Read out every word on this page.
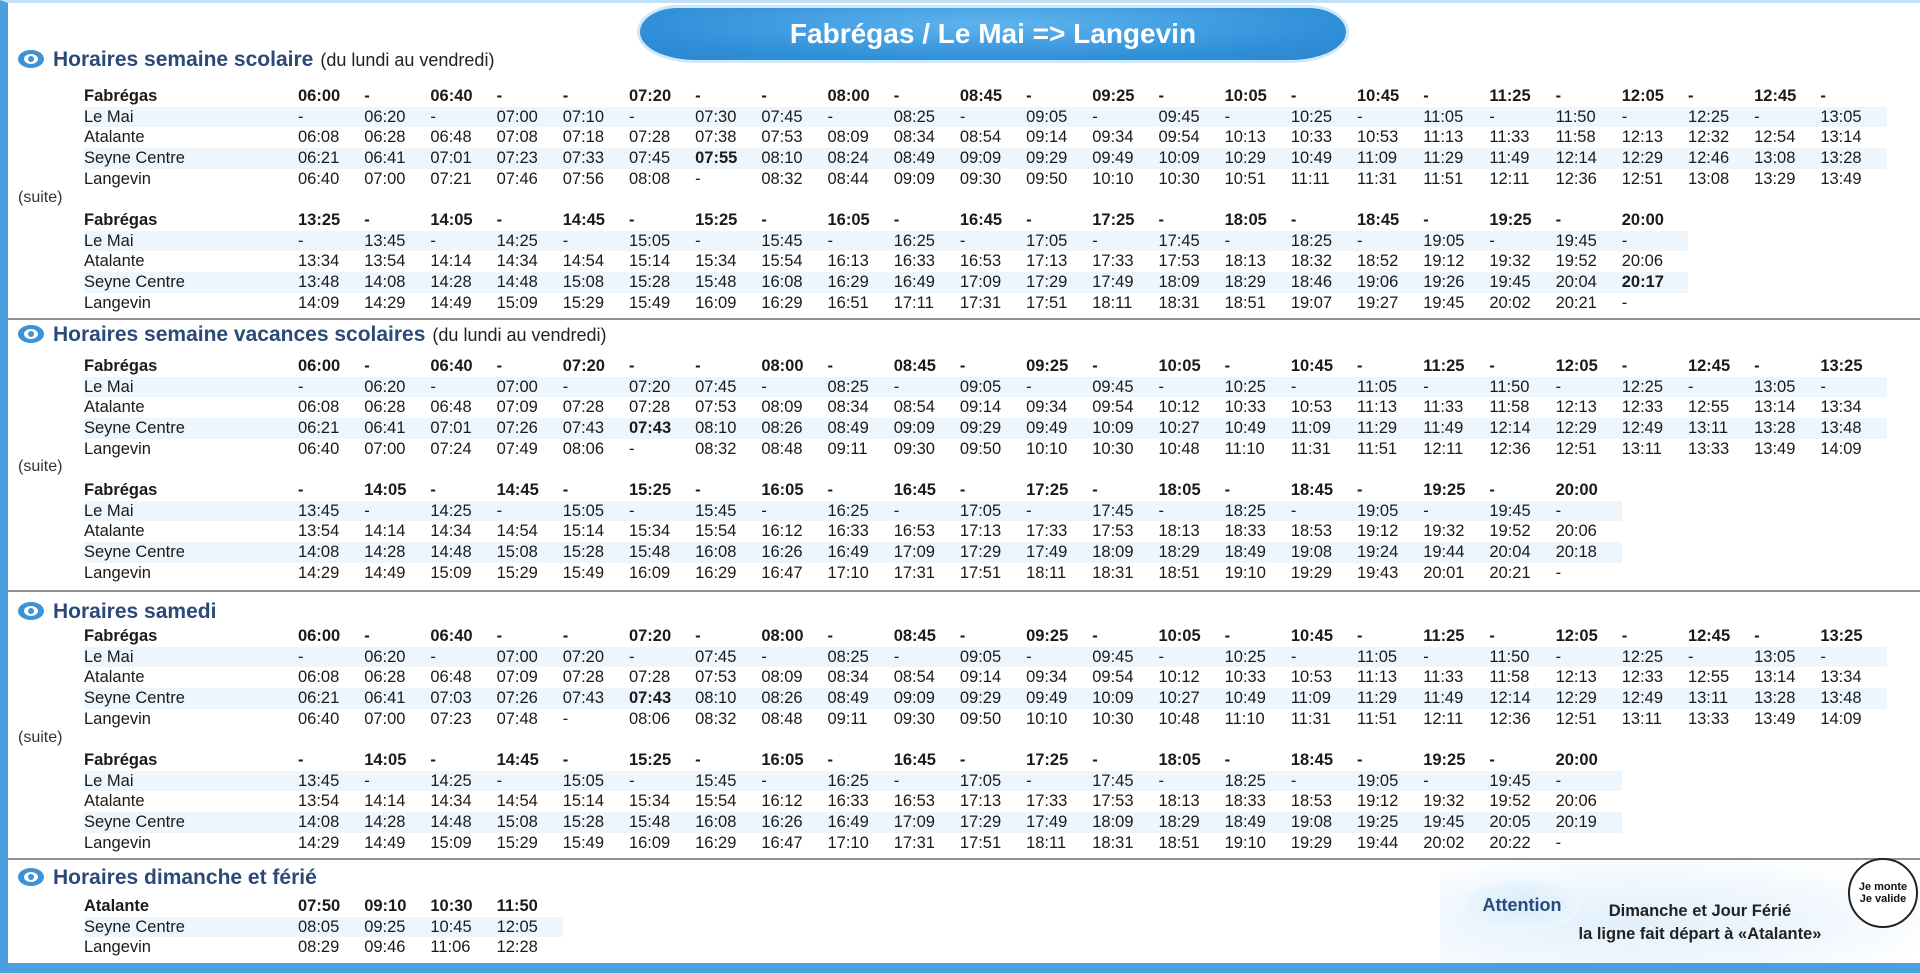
Fabrégas / Le Mai => Langevin
Horaires semaine scolaire (du lundi au vendredi)
Fabrégas	06:00	-	06:40	-	-	07:20	-	-	08:00	-	08:45	-	09:25	-	10:05	-	10:45	-	11:25	-	12:05	-	12:45	-
Le Mai	-	06:20	-	07:00	07:10	-	07:30	07:45	-	08:25	-	09:05	-	09:45	-	10:25	-	11:05	-	11:50	-	12:25	-	13:05
Atalante	06:08	06:28	06:48	07:08	07:18	07:28	07:38	07:53	08:09	08:34	08:54	09:14	09:34	09:54	10:13	10:33	10:53	11:13	11:33	11:58	12:13	12:32	12:54	13:14
Seyne Centre	06:21	06:41	07:01	07:23	07:33	07:45	07:55	08:10	08:24	08:49	09:09	09:29	09:49	10:09	10:29	10:49	11:09	11:29	11:49	12:14	12:29	12:46	13:08	13:28
Langevin	06:40	07:00	07:21	07:46	07:56	08:08	-	08:32	08:44	09:09	09:30	09:50	10:10	10:30	10:51	11:11	11:31	11:51	12:11	12:36	12:51	13:08	13:29	13:49
(suite)
Fabrégas	13:25	-	14:05	-	14:45	-	15:25	-	16:05	-	16:45	-	17:25	-	18:05	-	18:45	-	19:25	-	20:00
Le Mai	-	13:45	-	14:25	-	15:05	-	15:45	-	16:25	-	17:05	-	17:45	-	18:25	-	19:05	-	19:45	-
Atalante	13:34	13:54	14:14	14:34	14:54	15:14	15:34	15:54	16:13	16:33	16:53	17:13	17:33	17:53	18:13	18:32	18:52	19:12	19:32	19:52	20:06
Seyne Centre	13:48	14:08	14:28	14:48	15:08	15:28	15:48	16:08	16:29	16:49	17:09	17:29	17:49	18:09	18:29	18:46	19:06	19:26	19:45	20:04	20:17
Langevin	14:09	14:29	14:49	15:09	15:29	15:49	16:09	16:29	16:51	17:11	17:31	17:51	18:11	18:31	18:51	19:07	19:27	19:45	20:02	20:21	-
Horaires semaine vacances scolaires (du lundi au vendredi)
Fabrégas	06:00	-	06:40	-	07:20	-	-	08:00	-	08:45	-	09:25	-	10:05	-	10:45	-	11:25	-	12:05	-	12:45	-	13:25
Le Mai	-	06:20	-	07:00	-	07:20	07:45	-	08:25	-	09:05	-	09:45	-	10:25	-	11:05	-	11:50	-	12:25	-	13:05	-
Atalante	06:08	06:28	06:48	07:09	07:28	07:28	07:53	08:09	08:34	08:54	09:14	09:34	09:54	10:12	10:33	10:53	11:13	11:33	11:58	12:13	12:33	12:55	13:14	13:34
Seyne Centre	06:21	06:41	07:01	07:26	07:43	07:43	08:10	08:26	08:49	09:09	09:29	09:49	10:09	10:27	10:49	11:09	11:29	11:49	12:14	12:29	12:49	13:11	13:28	13:48
Langevin	06:40	07:00	07:24	07:49	08:06	-	08:32	08:48	09:11	09:30	09:50	10:10	10:30	10:48	11:10	11:31	11:51	12:11	12:36	12:51	13:11	13:33	13:49	14:09
(suite)
Fabrégas	-	14:05	-	14:45	-	15:25	-	16:05	-	16:45	-	17:25	-	18:05	-	18:45	-	19:25	-	20:00
Le Mai	13:45	-	14:25	-	15:05	-	15:45	-	16:25	-	17:05	-	17:45	-	18:25	-	19:05	-	19:45	-
Atalante	13:54	14:14	14:34	14:54	15:14	15:34	15:54	16:12	16:33	16:53	17:13	17:33	17:53	18:13	18:33	18:53	19:12	19:32	19:52	20:06
Seyne Centre	14:08	14:28	14:48	15:08	15:28	15:48	16:08	16:26	16:49	17:09	17:29	17:49	18:09	18:29	18:49	19:08	19:24	19:44	20:04	20:18
Langevin	14:29	14:49	15:09	15:29	15:49	16:09	16:29	16:47	17:10	17:31	17:51	18:11	18:31	18:51	19:10	19:29	19:43	20:01	20:21	-
Horaires samedi
Fabrégas	06:00	-	06:40	-	-	07:20	-	08:00	-	08:45	-	09:25	-	10:05	-	10:45	-	11:25	-	12:05	-	12:45	-	13:25
Le Mai	-	06:20	-	07:00	07:20	-	07:45	-	08:25	-	09:05	-	09:45	-	10:25	-	11:05	-	11:50	-	12:25	-	13:05	-
Atalante	06:08	06:28	06:48	07:09	07:28	07:28	07:53	08:09	08:34	08:54	09:14	09:34	09:54	10:12	10:33	10:53	11:13	11:33	11:58	12:13	12:33	12:55	13:14	13:34
Seyne Centre	06:21	06:41	07:03	07:26	07:43	07:43	08:10	08:26	08:49	09:09	09:29	09:49	10:09	10:27	10:49	11:09	11:29	11:49	12:14	12:29	12:49	13:11	13:28	13:48
Langevin	06:40	07:00	07:23	07:48	-	08:06	08:32	08:48	09:11	09:30	09:50	10:10	10:30	10:48	11:10	11:31	11:51	12:11	12:36	12:51	13:11	13:33	13:49	14:09
(suite)
Fabrégas	-	14:05	-	14:45	-	15:25	-	16:05	-	16:45	-	17:25	-	18:05	-	18:45	-	19:25	-	20:00
Le Mai	13:45	-	14:25	-	15:05	-	15:45	-	16:25	-	17:05	-	17:45	-	18:25	-	19:05	-	19:45	-
Atalante	13:54	14:14	14:34	14:54	15:14	15:34	15:54	16:12	16:33	16:53	17:13	17:33	17:53	18:13	18:33	18:53	19:12	19:32	19:52	20:06
Seyne Centre	14:08	14:28	14:48	15:08	15:28	15:48	16:08	16:26	16:49	17:09	17:29	17:49	18:09	18:29	18:49	19:08	19:25	19:45	20:05	20:19
Langevin	14:29	14:49	15:09	15:29	15:49	16:09	16:29	16:47	17:10	17:31	17:51	18:11	18:31	18:51	19:10	19:29	19:44	20:02	20:22	-
Horaires dimanche et férié
Atalante	07:50	09:10	10:30	11:50
Seyne Centre	08:05	09:25	10:45	12:05
Langevin	08:29	09:46	11:06	12:28
Attention	Dimanche et Jour Férié
la ligne fait départ à «Atalante»
Je monte
Je valide
